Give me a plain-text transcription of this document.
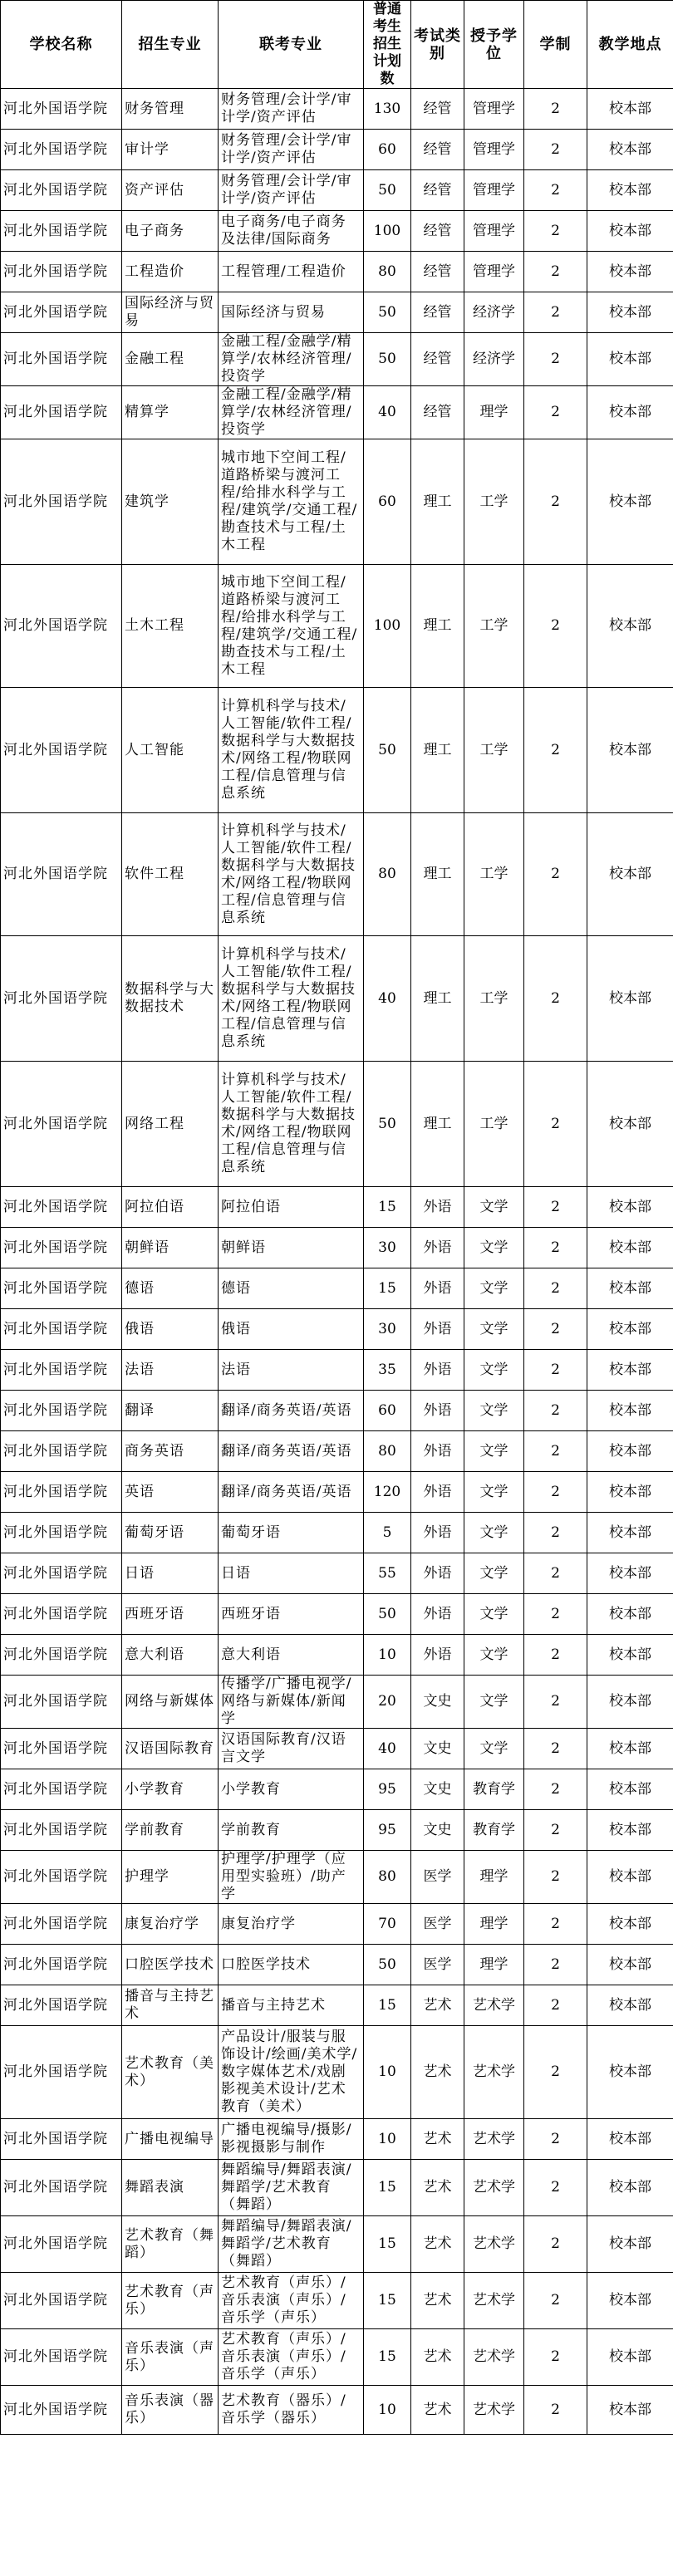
学校名称	招生专业	联考专业	普通考生招生计划数	考试类别	授予学位	学制	教学地点
河北外国语学院	财务管理	财务管理/会计学/审计学/资产评估	130	经管	管理学	2	校本部
河北外国语学院	审计学	财务管理/会计学/审计学/资产评估	60	经管	管理学	2	校本部
河北外国语学院	资产评估	财务管理/会计学/审计学/资产评估	50	经管	管理学	2	校本部
河北外国语学院	电子商务	电子商务/电子商务及法律/国际商务	100	经管	管理学	2	校本部
河北外国语学院	工程造价	工程管理/工程造价	80	经管	管理学	2	校本部
河北外国语学院	国际经济与贸易	国际经济与贸易	50	经管	经济学	2	校本部
河北外国语学院	金融工程	金融工程/金融学/精算学/农林经济管理/投资学	50	经管	经济学	2	校本部
河北外国语学院	精算学	金融工程/金融学/精算学/农林经济管理/投资学	40	经管	理学	2	校本部
河北外国语学院	建筑学	城市地下空间工程/道路桥梁与渡河工程/给排水科学与工程/建筑学/交通工程/勘查技术与工程/土木工程	60	理工	工学	2	校本部
河北外国语学院	土木工程	城市地下空间工程/道路桥梁与渡河工程/给排水科学与工程/建筑学/交通工程/勘查技术与工程/土木工程	100	理工	工学	2	校本部
河北外国语学院	人工智能	计算机科学与技术/人工智能/软件工程/数据科学与大数据技术/网络工程/物联网工程/信息管理与信息系统	50	理工	工学	2	校本部
河北外国语学院	软件工程	计算机科学与技术/人工智能/软件工程/数据科学与大数据技术/网络工程/物联网工程/信息管理与信息系统	80	理工	工学	2	校本部
河北外国语学院	数据科学与大数据技术	计算机科学与技术/人工智能/软件工程/数据科学与大数据技术/网络工程/物联网工程/信息管理与信息系统	40	理工	工学	2	校本部
河北外国语学院	网络工程	计算机科学与技术/人工智能/软件工程/数据科学与大数据技术/网络工程/物联网工程/信息管理与信息系统	50	理工	工学	2	校本部
河北外国语学院	阿拉伯语	阿拉伯语	15	外语	文学	2	校本部
河北外国语学院	朝鲜语	朝鲜语	30	外语	文学	2	校本部
河北外国语学院	德语	德语	15	外语	文学	2	校本部
河北外国语学院	俄语	俄语	30	外语	文学	2	校本部
河北外国语学院	法语	法语	35	外语	文学	2	校本部
河北外国语学院	翻译	翻译/商务英语/英语	60	外语	文学	2	校本部
河北外国语学院	商务英语	翻译/商务英语/英语	80	外语	文学	2	校本部
河北外国语学院	英语	翻译/商务英语/英语	120	外语	文学	2	校本部
河北外国语学院	葡萄牙语	葡萄牙语	5	外语	文学	2	校本部
河北外国语学院	日语	日语	55	外语	文学	2	校本部
河北外国语学院	西班牙语	西班牙语	50	外语	文学	2	校本部
河北外国语学院	意大利语	意大利语	10	外语	文学	2	校本部
河北外国语学院	网络与新媒体	传播学/广播电视学/网络与新媒体/新闻学	20	文史	文学	2	校本部
河北外国语学院	汉语国际教育	汉语国际教育/汉语言文学	40	文史	文学	2	校本部
河北外国语学院	小学教育	小学教育	95	文史	教育学	2	校本部
河北外国语学院	学前教育	学前教育	95	文史	教育学	2	校本部
河北外国语学院	护理学	护理学/护理学（应用型实验班）/助产学	80	医学	理学	2	校本部
河北外国语学院	康复治疗学	康复治疗学	70	医学	理学	2	校本部
河北外国语学院	口腔医学技术	口腔医学技术	50	医学	理学	2	校本部
河北外国语学院	播音与主持艺术	播音与主持艺术	15	艺术	艺术学	2	校本部
河北外国语学院	艺术教育（美术）	产品设计/服装与服饰设计/绘画/美术学/数字媒体艺术/戏剧影视美术设计/艺术教育（美术）	10	艺术	艺术学	2	校本部
河北外国语学院	广播电视编导	广播电视编导/摄影/影视摄影与制作	10	艺术	艺术学	2	校本部
河北外国语学院	舞蹈表演	舞蹈编导/舞蹈表演/舞蹈学/艺术教育（舞蹈）	15	艺术	艺术学	2	校本部
河北外国语学院	艺术教育（舞蹈）	舞蹈编导/舞蹈表演/舞蹈学/艺术教育（舞蹈）	15	艺术	艺术学	2	校本部
河北外国语学院	艺术教育（声乐）	艺术教育（声乐）/音乐表演（声乐）/音乐学（声乐）	15	艺术	艺术学	2	校本部
河北外国语学院	音乐表演（声乐）	艺术教育（声乐）/音乐表演（声乐）/音乐学（声乐）	15	艺术	艺术学	2	校本部
河北外国语学院	音乐表演（器乐）	艺术教育（器乐）/音乐学（器乐）	10	艺术	艺术学	2	校本部
